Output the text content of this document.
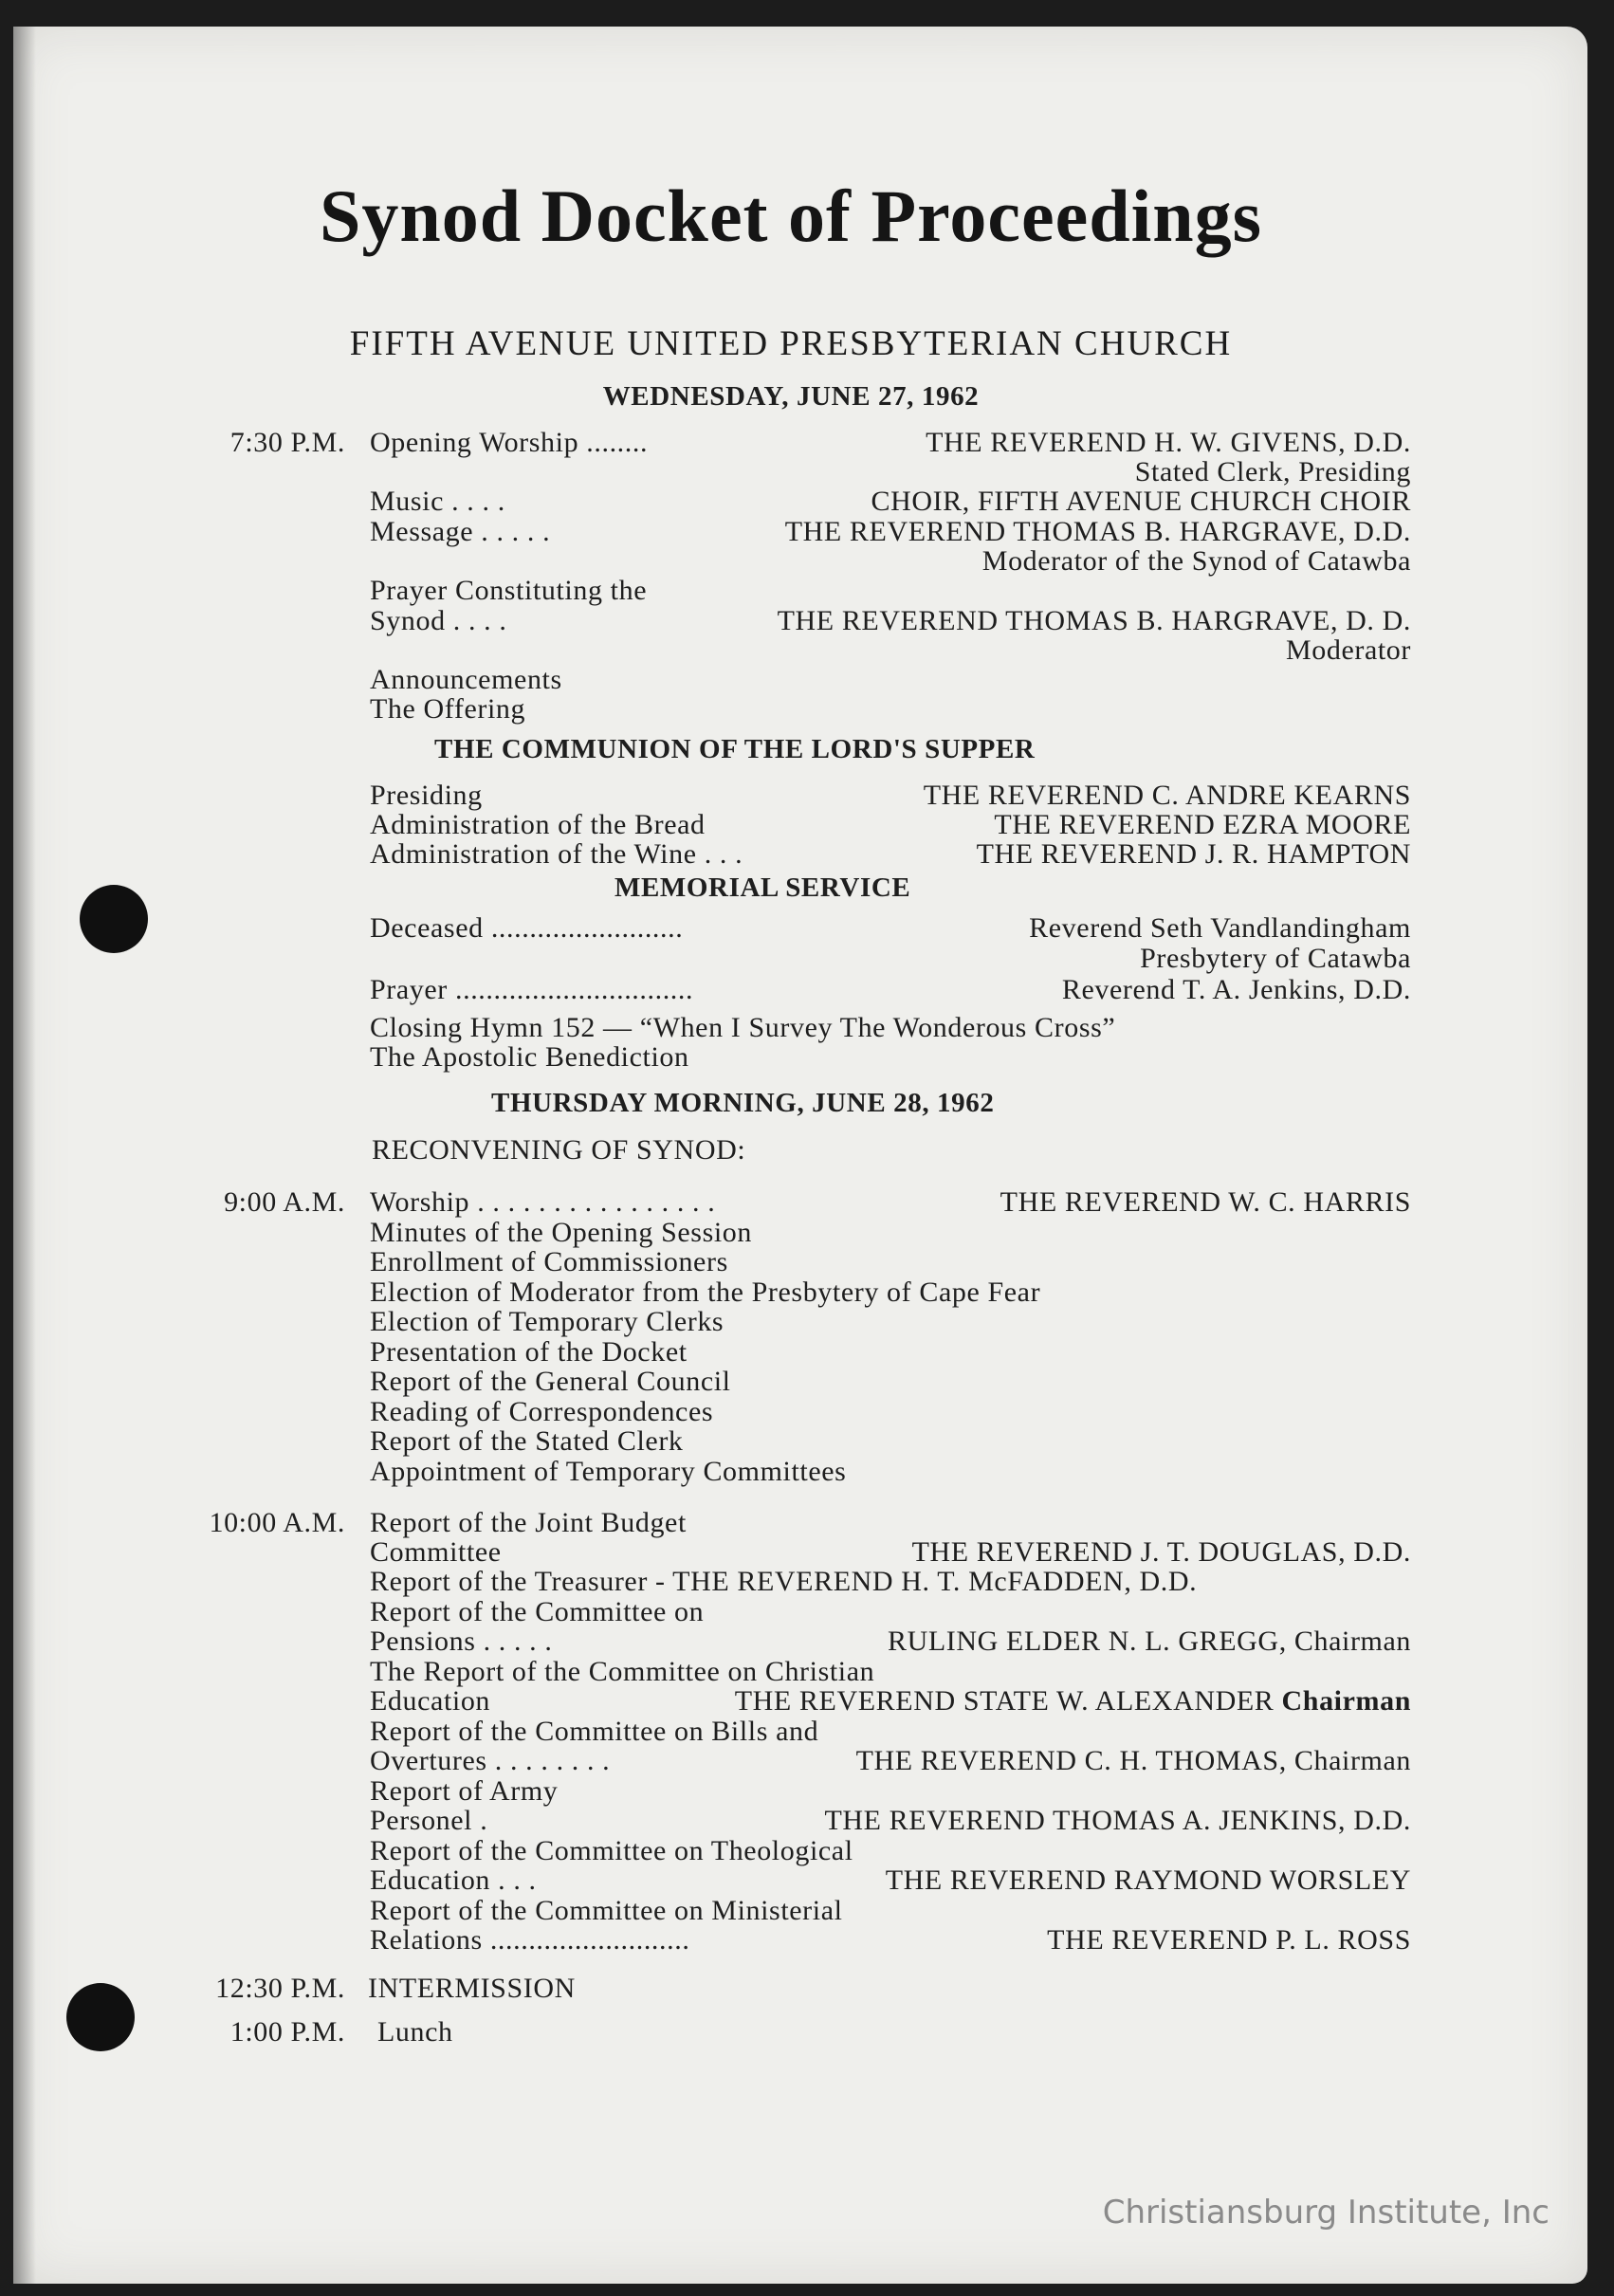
Synod Docket of Proceedings
FIFTH AVENUE UNITED PRESBYTERIAN CHURCH
WEDNESDAY, JUNE 27, 1962
7:30 P.M. Opening Worship ........	THE REVEREND H. W. GIVENS, D.D.
Stated Clerk, Presiding
Music . . . .	CHOIR, FIFTH AVENUE CHURCH CHOIR
Message . . . . .	THE REVEREND THOMAS B. HARGRAVE, D.D.
Moderator of the Synod of Catawba
Prayer Constituting the
Synod . . . .	THE REVEREND THOMAS B. HARGRAVE, D. D.
Moderator
Announcements
The Offering
THE COMMUNION OF THE LORD'S SUPPER
Presiding	THE REVEREND C. ANDRE KEARNS
Administration of the Bread	THE REVEREND EZRA MOORE
Administration of the Wine . . .	THE REVEREND J. R. HAMPTON
MEMORIAL SERVICE
Deceased .........................	Reverend Seth Vandlandingham
Presbytery of Catawba
Prayer ...............................	Reverend T. A. Jenkins, D.D.
Closing Hymn 152 — “When I Survey The Wonderous Cross”
The Apostolic Benediction
THURSDAY MORNING, JUNE 28, 1962
RECONVENING OF SYNOD:
9:00 A.M. Worship . . . . . . . . . . . . . . . .	THE REVEREND W. C. HARRIS
Minutes of the Opening Session
Enrollment of Commissioners
Election of Moderator from the Presbytery of Cape Fear
Election of Temporary Clerks
Presentation of the Docket
Report of the General Council
Reading of Correspondences
Report of the Stated Clerk
Appointment of Temporary Committees
10:00 A.M. Report of the Joint Budget
Committee	THE REVEREND J. T. DOUGLAS, D.D.
Report of the Treasurer - THE REVEREND H. T. McFADDEN, D.D.
Report of the Committee on
Pensions . . . . .	RULING ELDER N. L. GREGG, Chairman
The Report of the Committee on Christian
Education	THE REVEREND STATE W. ALEXANDER Chairman
Report of the Committee on Bills and
Overtures . . . . . . . .	THE REVEREND C. H. THOMAS, Chairman
Report of Army
Personel .	THE REVEREND THOMAS A. JENKINS, D.D.
Report of the Committee on Theological
Education . . .	THE REVEREND RAYMOND WORSLEY
Report of the Committee on Ministerial
Relations ..........................	THE REVEREND P. L. ROSS
12:30 P.M. INTERMISSION
1:00 P.M. Lunch
Christiansburg Institute, Inc
